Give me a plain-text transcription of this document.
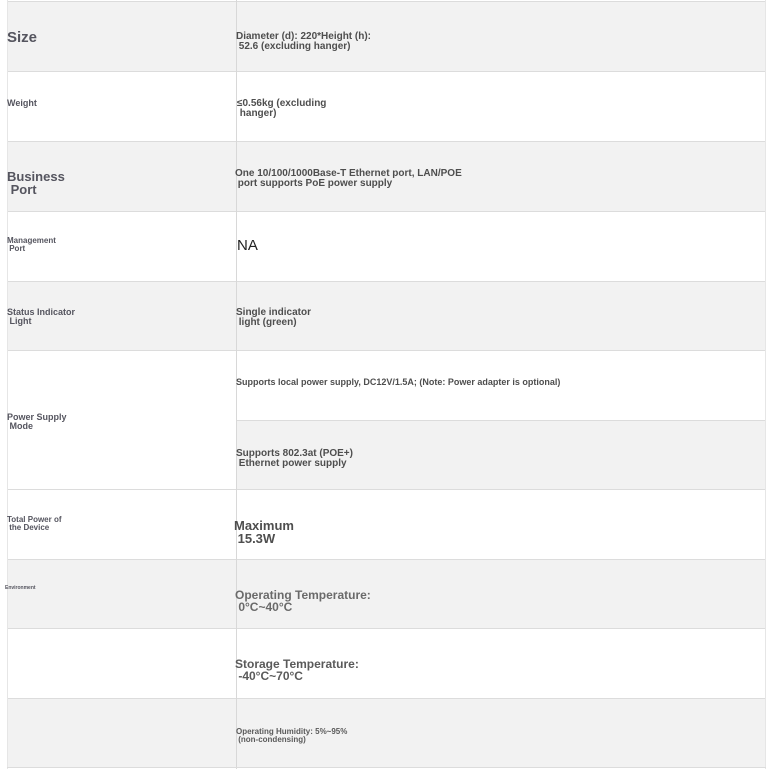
Size
Weight
Business
Port
Management
Port
Status Indicator
Light
Power Supply
Mode
Total Power of
the Device
Environment
Diameter (d): 220*Height (h):
52.6 (excluding hanger)
≤0.56kg (excluding
hanger)
One 10/100/1000Base-T Ethernet port, LAN/POE
port supports PoE power supply
NA
Single indicator
light (green)
Supports local power supply, DC12V/1.5A; (Note: Power adapter is optional)
Supports 802.3at (POE+)
Ethernet power supply
Maximum
15.3W
Operating Temperature:
0°C~40°C
Storage Temperature:
-40°C~70°C
Operating Humidity: 5%~95%
(non-condensing)
